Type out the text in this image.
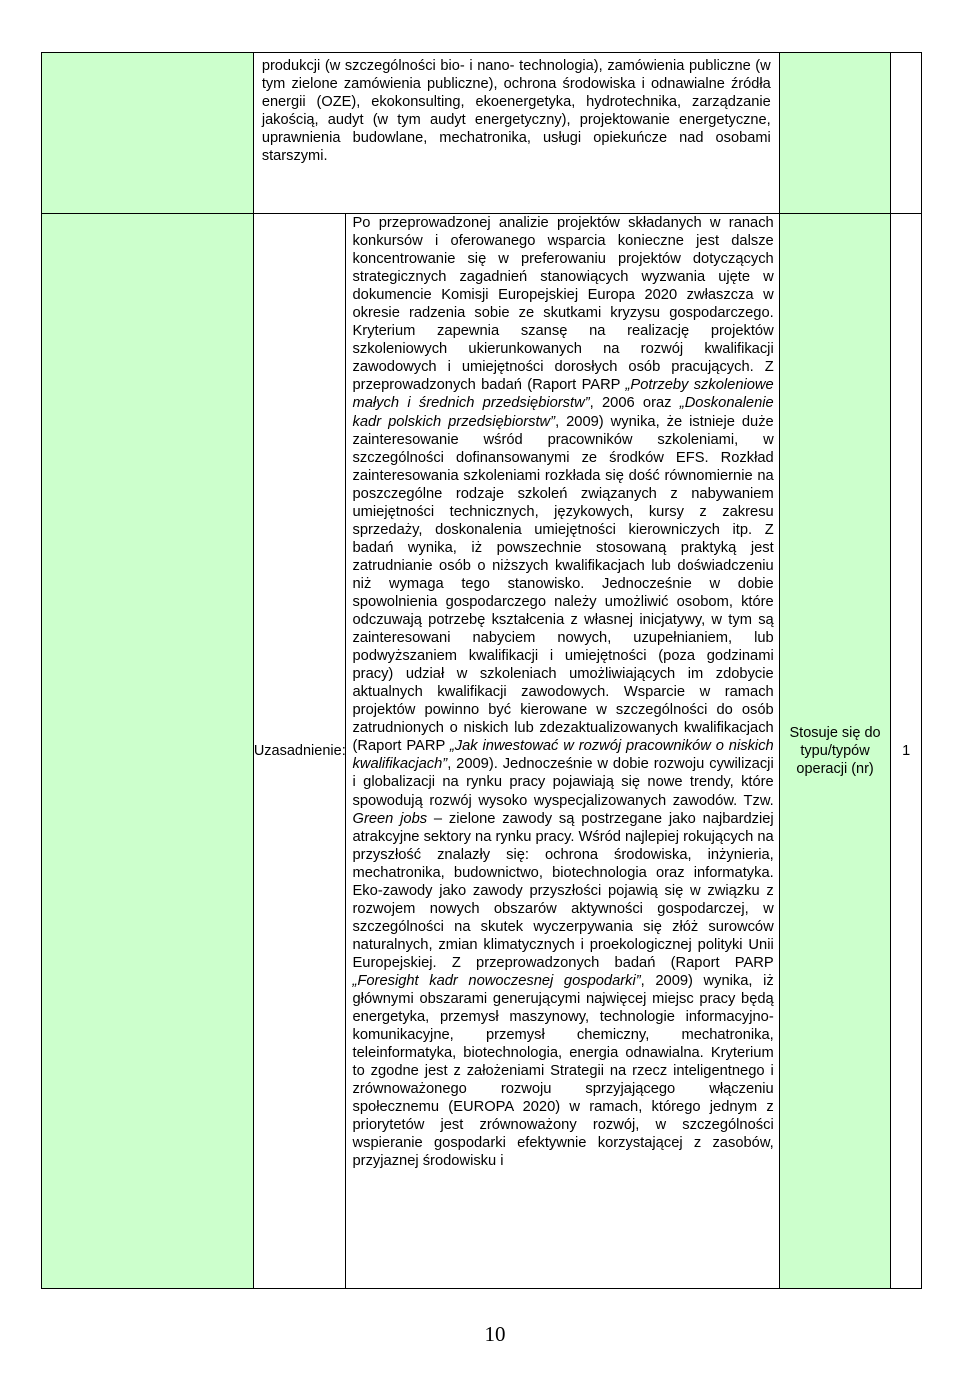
	produkcji (w szczególności bio- i nano- technologia), zamówienia publiczne (w tym zielone zamówienia publiczne), ochrona środowiska i odnawialne źródła energii (OZE), ekokonsulting, ekoenergetyka, hydrotechnika, zarządzanie jakością, audyt (w tym audyt energetyczny), projektowanie energetyczne, uprawnienia budowlane, mechatronika, usługi opiekuńcze nad osobami starszymi.			

	Uzasadnienie:	Po przeprowadzonej analizie projektów składanych w ranach konkursów i oferowanego wsparcia konieczne jest dalsze koncentrowanie się w preferowaniu projektów dotyczących strategicznych zagadnień stanowiących wyzwania ujęte w dokumencie Komisji Europejskiej Europa 2020 zwłaszcza w okresie radzenia sobie ze skutkami kryzysu gospodarczego. Kryterium zapewnia szansę na realizację projektów szkoleniowych ukierunkowanych na rozwój kwalifikacji zawodowych i umiejętności dorosłych osób pracujących. Z przeprowadzonych badań (Raport PARP „Potrzeby szkoleniowe małych i średnich przedsiębiorstw”, 2006 oraz „Doskonalenie kadr polskich przedsiębiorstw”, 2009) wynika, że istnieje duże zainteresowanie wśród pracowników szkoleniami, w szczególności dofinansowanymi ze środków EFS. Rozkład zainteresowania szkoleniami rozkłada się dość równomiernie na poszczególne rodzaje szkoleń związanych z nabywaniem umiejętności technicznych, językowych, kursy z zakresu sprzedaży, doskonalenia umiejętności kierowniczych itp. Z badań wynika, iż powszechnie stosowaną praktyką jest zatrudnianie osób o niższych kwalifikacjach lub doświadczeniu niż wymaga tego stanowisko. Jednocześnie w dobie spowolnienia gospodarczego należy umożliwić osobom, które odczuwają potrzebę kształcenia z własnej inicjatywy, w tym są zainteresowani nabyciem nowych, uzupełnianiem, lub podwyższaniem kwalifikacji i umiejętności (poza godzinami pracy) udział w szkoleniach umożliwiających im zdobycie aktualnych kwalifikacji zawodowych. Wsparcie w ramach projektów powinno być kierowane w szczególności do osób zatrudnionych o niskich lub zdezaktualizowanych kwalifikacjach (Raport PARP „Jak inwestować w rozwój pracowników o niskich kwalifikacjach”, 2009). Jednocześnie w dobie rozwoju cywilizacji i globalizacji na rynku pracy pojawiają się nowe trendy, które spowodują rozwój wysoko wyspecjalizowanych zawodów. Tzw. Green jobs – zielone zawody są postrzegane jako najbardziej atrakcyjne sektory na rynku pracy. Wśród najlepiej rokujących na przyszłość znalazły się: ochrona środowiska, inżynieria, mechatronika, budownictwo, biotechnologia oraz informatyka. Eko-zawody jako zawody przyszłości pojawią się w związku z rozwojem nowych obszarów aktywności gospodarczej, w szczególności na skutek wyczerpywania się złóż surowców naturalnych, zmian klimatycznych i proekologicznej polityki Unii Europejskiej. Z przeprowadzonych badań (Raport PARP „Foresight kadr nowoczesnej gospodarki”, 2009) wynika, iż głównymi obszarami generującymi najwięcej miejsc pracy będą energetyka, przemysł maszynowy, technologie informacyjno-komunikacyjne, przemysł chemiczny, mechatronika, teleinformatyka, biotechnologia, energia odnawialna. Kryterium to zgodne jest z założeniami Strategii na rzecz inteligentnego i zrównoważonego rozwoju sprzyjającego włączeniu społecznemu (EUROPA 2020) w ramach, którego jednym z priorytetów jest zrównoważony rozwój, w szczególności wspieranie gospodarki efektywnie korzystającej z zasobów, przyjaznej środowisku i	Stosuje się do typu/typów operacji (nr)	1
10
